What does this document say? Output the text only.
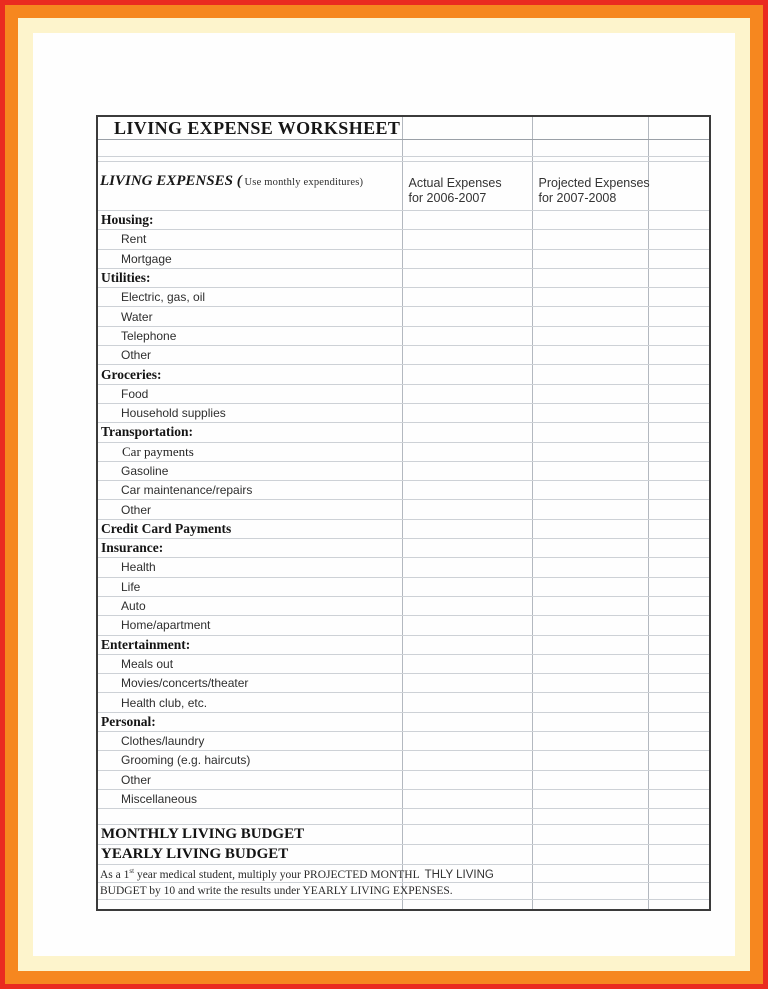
LIVING EXPENSE WORKSHEET			

LIVING EXPENSES ( Use monthly expenditures)	Actual Expenses	Projected Expenses	
	for 2006-2007	for 2007-2008	
Housing:			
Rent			
Mortgage			
Utilities:			
Electric, gas, oil			
Water			
Telephone			
Other			
Groceries:			
Food			
Household supplies			
Transportation:			
Car payments			
Gasoline			
Car maintenance/repairs			
Other			
Credit Card Payments			
Insurance:			
Health			
Life			
Auto			
Home/apartment			
Entertainment:			
Meals out			
Movies/concerts/theater			
Health club, etc.			
Personal:			
Clothes/laundry			
Grooming (e.g. haircuts)			
Other			
Miscellaneous			

MONTHLY LIVING BUDGET			
YEARLY LIVING BUDGET			
As a 1st year medical student, multiply your PROJECTED MONTHL THLY LIVING			
BUDGET by 10 and write the results under YEARLY LIVING EXPENSES.			
